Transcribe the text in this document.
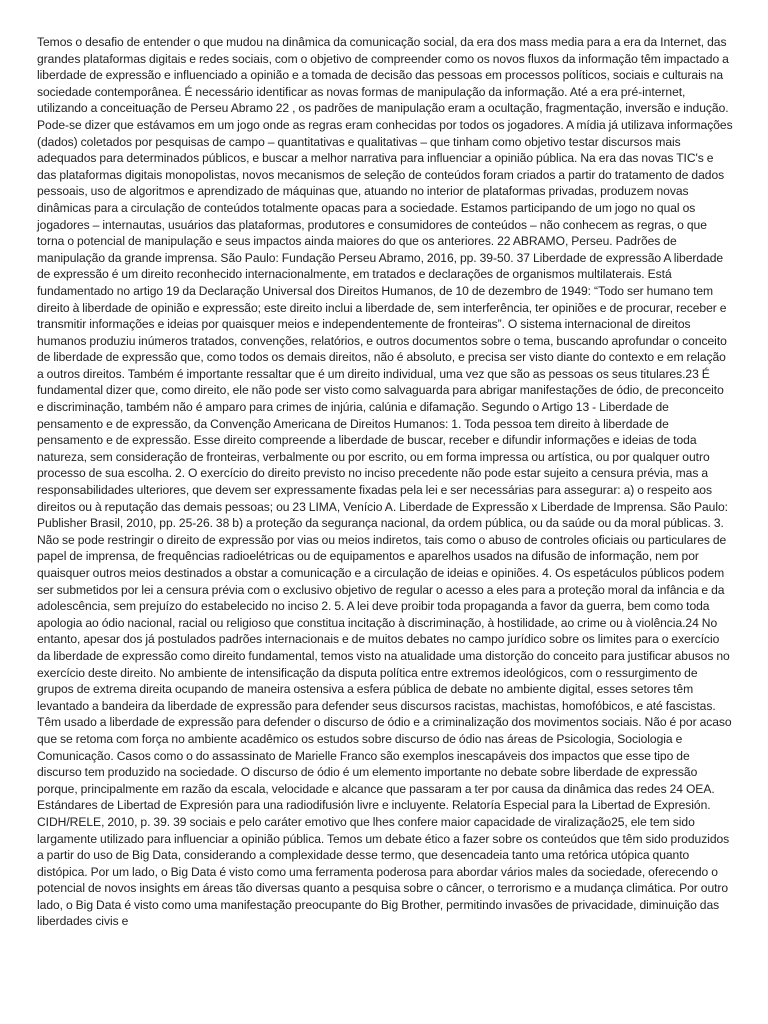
Temos o desafio de entender o que mudou na dinâmica da comunicação social, da era dos mass media para a era da Internet, das grandes plataformas digitais e redes sociais, com o objetivo de compreender como os novos fluxos da informação têm impactado a liberdade de expressão e influenciado a opinião e a tomada de decisão das pessoas em processos políticos, sociais e culturais na sociedade contemporânea. É necessário identificar as novas formas de manipulação da informação. Até a era pré-internet, utilizando a conceituação de Perseu Abramo 22 , os padrões de manipulação eram a ocultação, fragmentação, inversão e indução. Pode-se dizer que estávamos em um jogo onde as regras eram conhecidas por todos os jogadores. A mídia já utilizava informações (dados) coletados por pesquisas de campo – quantitativas e qualitativas – que tinham como objetivo testar discursos mais adequados para determinados públicos, e buscar a melhor narrativa para influenciar a opinião pública. Na era das novas TIC's e das plataformas digitais monopolistas, novos mecanismos de seleção de conteúdos foram criados a partir do tratamento de dados pessoais, uso de algoritmos e aprendizado de máquinas que, atuando no interior de plataformas privadas, produzem novas dinâmicas para a circulação de conteúdos totalmente opacas para a sociedade. Estamos participando de um jogo no qual os jogadores – internautas, usuários das plataformas, produtores e consumidores de conteúdos – não conhecem as regras, o que torna o potencial de manipulação e seus impactos ainda maiores do que os anteriores. 22 ABRAMO, Perseu. Padrões de manipulação da grande imprensa. São Paulo: Fundação Perseu Abramo, 2016, pp. 39-50. 37 Liberdade de expressão A liberdade de expressão é um direito reconhecido internacionalmente, em tratados e declarações de organismos multilaterais. Está fundamentado no artigo 19 da Declaração Universal dos Direitos Humanos, de 10 de dezembro de 1949: “Todo ser humano tem direito à liberdade de opinião e expressão; este direito inclui a liberdade de, sem interferência, ter opiniões e de procurar, receber e transmitir informações e ideias por quaisquer meios e independentemente de fronteiras”. O sistema internacional de direitos humanos produziu inúmeros tratados, convenções, relatórios, e outros documentos sobre o tema, buscando aprofundar o conceito de liberdade de expressão que, como todos os demais direitos, não é absoluto, e precisa ser visto diante do contexto e em relação a outros direitos. Também é importante ressaltar que é um direito individual, uma vez que são as pessoas os seus titulares.23 É fundamental dizer que, como direito, ele não pode ser visto como salvaguarda para abrigar manifestações de ódio, de preconceito e discriminação, também não é amparo para crimes de injúria, calúnia e difamação. Segundo o Artigo 13 - Liberdade de pensamento e de expressão, da Convenção Americana de Direitos Humanos: 1. Toda pessoa tem direito à liberdade de pensamento e de expressão. Esse direito compreende a liberdade de buscar, receber e difundir informações e ideias de toda natureza, sem consideração de fronteiras, verbalmente ou por escrito, ou em forma impressa ou artística, ou por qualquer outro processo de sua escolha. 2. O exercício do direito previsto no inciso precedente não pode estar sujeito a censura prévia, mas a responsabilidades ulteriores, que devem ser expressamente fixadas pela lei e ser necessárias para assegurar: a) o respeito aos direitos ou à reputação das demais pessoas; ou 23 LIMA, Venício A. Liberdade de Expressão x Liberdade de Imprensa. São Paulo: Publisher Brasil, 2010, pp. 25-26. 38 b) a proteção da segurança nacional, da ordem pública, ou da saúde ou da moral públicas. 3. Não se pode restringir o direito de expressão por vias ou meios indiretos, tais como o abuso de controles oficiais ou particulares de papel de imprensa, de frequências radioelétricas ou de equipamentos e aparelhos usados na difusão de informação, nem por quaisquer outros meios destinados a obstar a comunicação e a circulação de ideias e opiniões. 4. Os espetáculos públicos podem ser submetidos por lei a censura prévia com o exclusivo objetivo de regular o acesso a eles para a proteção moral da infância e da adolescência, sem prejuízo do estabelecido no inciso 2. 5. A lei deve proibir toda propaganda a favor da guerra, bem como toda apologia ao ódio nacional, racial ou religioso que constitua incitação à discriminação, à hostilidade, ao crime ou à violência.24 No entanto, apesar dos já postulados padrões internacionais e de muitos debates no campo jurídico sobre os limites para o exercício da liberdade de expressão como direito fundamental, temos visto na atualidade uma distorção do conceito para justificar abusos no exercício deste direito. No ambiente de intensificação da disputa política entre extremos ideológicos, com o ressurgimento de grupos de extrema direita ocupando de maneira ostensiva a esfera pública de debate no ambiente digital, esses setores têm levantado a bandeira da liberdade de expressão para defender seus discursos racistas, machistas, homofóbicos, e até fascistas. Têm usado a liberdade de expressão para defender o discurso de ódio e a criminalização dos movimentos sociais. Não é por acaso que se retoma com força no ambiente acadêmico os estudos sobre discurso de ódio nas áreas de Psicologia, Sociologia e Comunicação. Casos como o do assassinato de Marielle Franco são exemplos inescapáveis dos impactos que esse tipo de discurso tem produzido na sociedade. O discurso de ódio é um elemento importante no debate sobre liberdade de expressão porque, principalmente em razão da escala, velocidade e alcance que passaram a ter por causa da dinâmica das redes 24 OEA. Estándares de Libertad de Expresión para una radiodifusión livre e incluyente. Relatoría Especial para la Libertad de Expresión. CIDH/RELE, 2010, p. 39. 39 sociais e pelo caráter emotivo que lhes confere maior capacidade de viralização25, ele tem sido largamente utilizado para influenciar a opinião pública. Temos um debate ético a fazer sobre os conteúdos que têm sido produzidos a partir do uso de Big Data, considerando a complexidade desse termo, que desencadeia tanto uma retórica utópica quanto distópica. Por um lado, o Big Data é visto como uma ferramenta poderosa para abordar vários males da sociedade, oferecendo o potencial de novos insights em áreas tão diversas quanto a pesquisa sobre o câncer, o terrorismo e a mudança climática. Por outro lado, o Big Data é visto como uma manifestação preocupante do Big Brother, permitindo invasões de privacidade, diminuição das liberdades civis e
